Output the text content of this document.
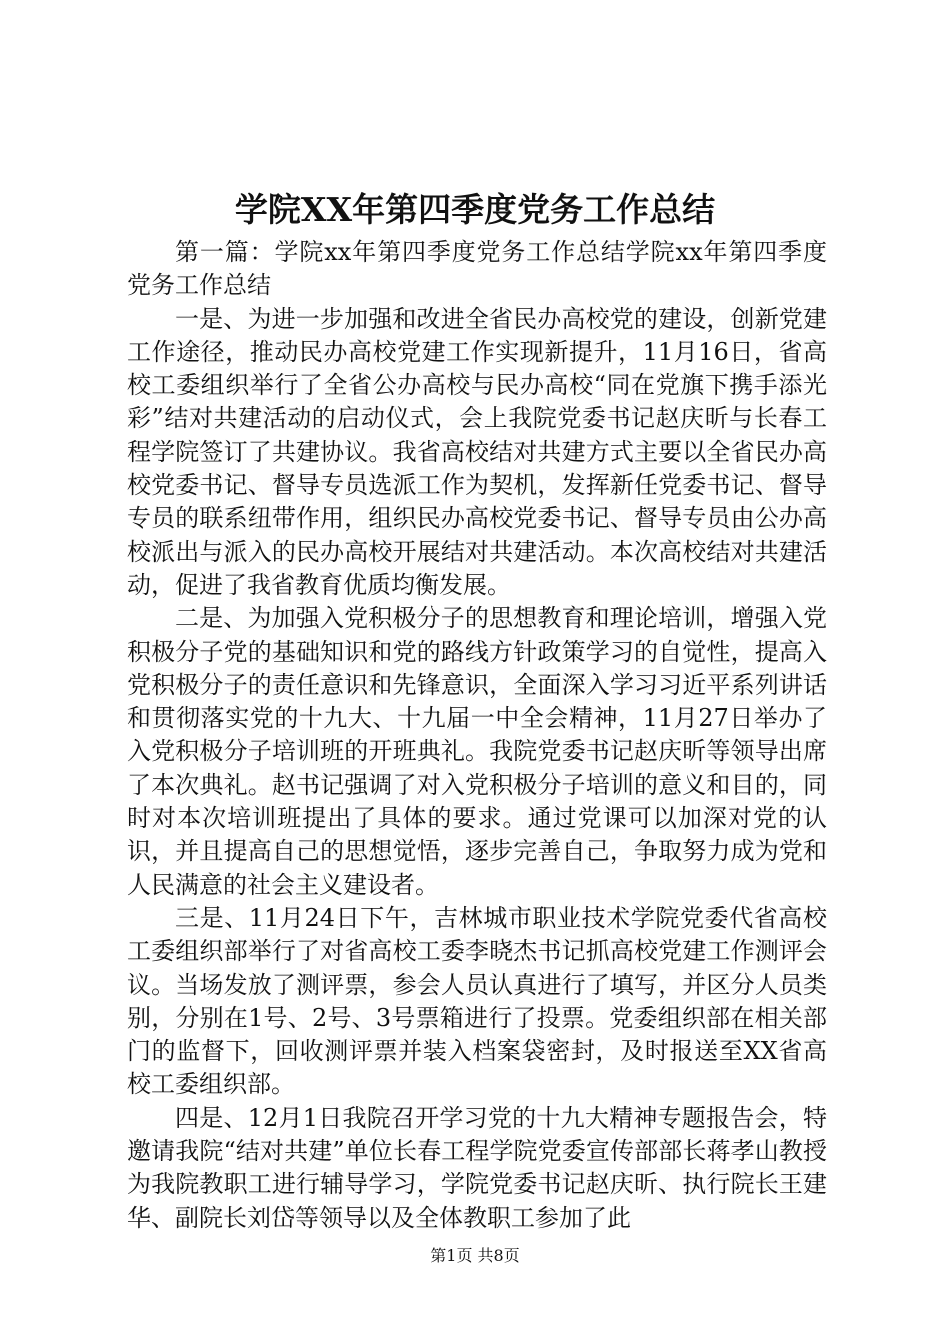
学院XX年第四季度党务工作总结

第一篇：学院xx年第四季度党务工作总结学院xx年第四季度党务工作总结

一是、为进一步加强和改进全省民办高校党的建设，创新党建工作途径，推动民办高校党建工作实现新提升，11月16日，省高校工委组织举行了全省公办高校与民办高校“同在党旗下携手添光彩”结对共建活动的启动仪式，会上我院党委书记赵庆昕与长春工程学院签订了共建协议。我省高校结对共建方式主要以全省民办高校党委书记、督导专员选派工作为契机，发挥新任党委书记、督导专员的联系纽带作用，组织民办高校党委书记、督导专员由公办高校派出与派入的民办高校开展结对共建活动。本次高校结对共建活动，促进了我省教育优质均衡发展。

二是、为加强入党积极分子的思想教育和理论培训，增强入党积极分子党的基础知识和党的路线方针政策学习的自觉性，提高入党积极分子的责任意识和先锋意识，全面深入学习习近平系列讲话和贯彻落实党的十九大、十九届一中全会精神，11月27日举办了入党积极分子培训班的开班典礼。我院党委书记赵庆昕等领导出席了本次典礼。赵书记强调了对入党积极分子培训的意义和目的，同时对本次培训班提出了具体的要求。通过党课可以加深对党的认识，并且提高自己的思想觉悟，逐步完善自己，争取努力成为党和人民满意的社会主义建设者。

三是、11月24日下午，吉林城市职业技术学院党委代省高校工委组织部举行了对省高校工委李晓杰书记抓高校党建工作测评会议。当场发放了测评票，参会人员认真进行了填写，并区分人员类别，分别在1号、2号、3号票箱进行了投票。党委组织部在相关部门的监督下，回收测评票并装入档案袋密封，及时报送至XX省高校工委组织部。

四是、12月1日我院召开学习党的十九大精神专题报告会，特邀请我院“结对共建”单位长春工程学院党委宣传部部长蒋孝山教授为我院教职工进行辅导学习，学院党委书记赵庆昕、执行院长王建华、副院长刘岱等领导以及全体教职工参加了此

第1页 共8页
